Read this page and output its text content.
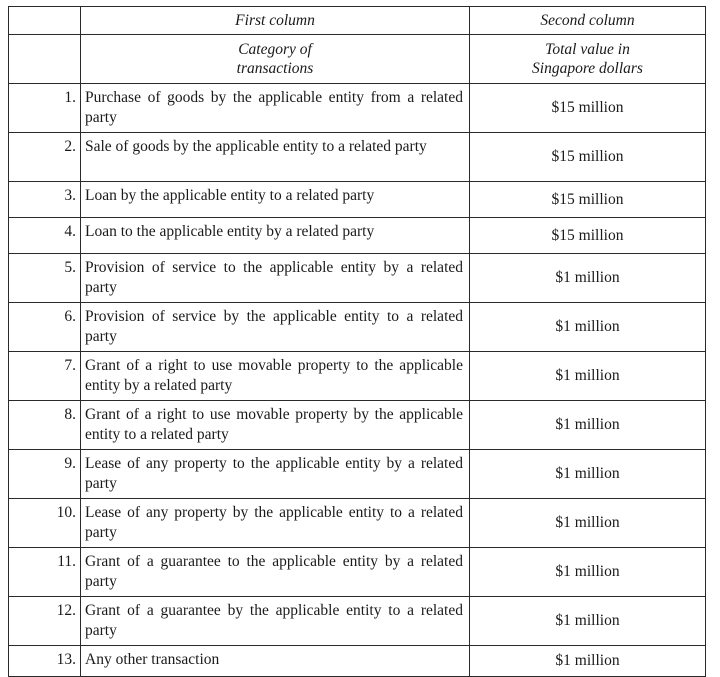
	First column	Second column
	Category of transactions	Total value in Singapore dollars
1.	Purchase of goods by the applicable entity from a related party	$15 million
2.	Sale of goods by the applicable entity to a related party	$15 million
3.	Loan by the applicable entity to a related party	$15 million
4.	Loan to the applicable entity by a related party	$15 million
5.	Provision of service to the applicable entity by a related party	$1 million
6.	Provision of service by the applicable entity to a related party	$1 million
7.	Grant of a right to use movable property to the applicable entity by a related party	$1 million
8.	Grant of a right to use movable property by the applicable entity to a related party	$1 million
9.	Lease of any property to the applicable entity by a related party	$1 million
10.	Lease of any property by the applicable entity to a related party	$1 million
11.	Grant of a guarantee to the applicable entity by a related party	$1 million
12.	Grant of a guarantee by the applicable entity to a related party	$1 million
13.	Any other transaction	$1 million
